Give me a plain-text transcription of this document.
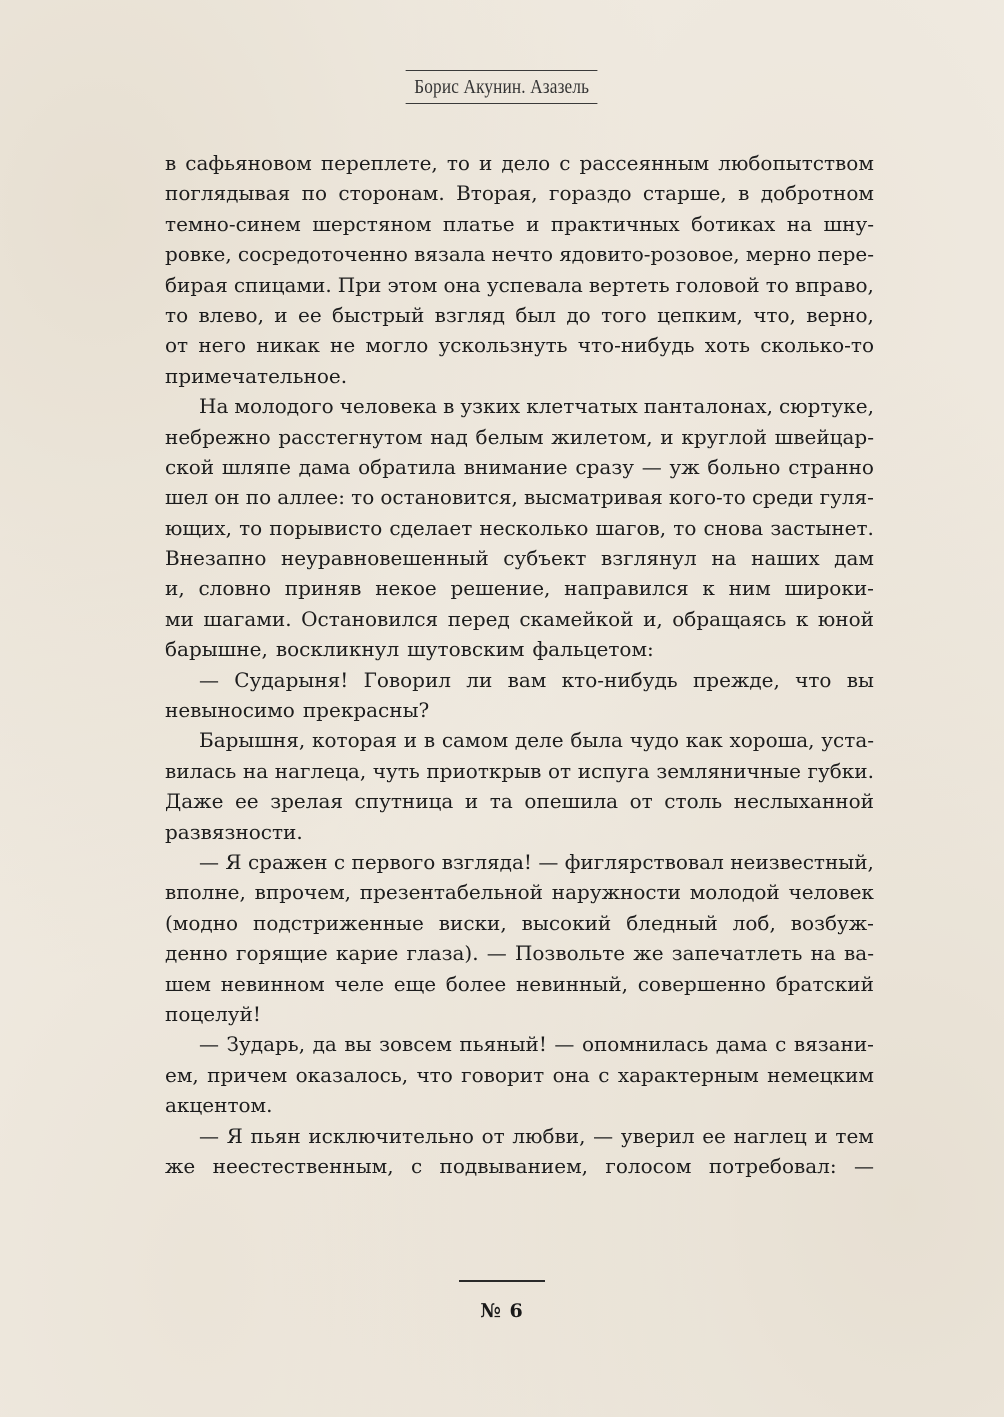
Борис Акунин. Азазель
в сафьяновом переплете, то и дело с рассеянным любопытством
поглядывая по сторонам. Вторая, гораздо старше, в добротном
темно-синем шерстяном платье и практичных ботиках на шну-
ровке, сосредоточенно вязала нечто ядовито-розовое, мерно пере-
бирая спицами. При этом она успевала вертеть головой то вправо,
то влево, и ее быстрый взгляд был до того цепким, что, верно,
от него никак не могло ускользнуть что-нибудь хоть сколько-то
примечательное.
На молодого человека в узких клетчатых панталонах, сюртуке,
небрежно расстегнутом над белым жилетом, и круглой швейцар-
ской шляпе дама обратила внимание сразу — уж больно странно
шел он по аллее: то остановится, высматривая кого-то среди гуля-
ющих, то порывисто сделает несколько шагов, то снова застынет.
Внезапно неуравновешенный субъект взглянул на наших дам
и, словно приняв некое решение, направился к ним широки-
ми шагами. Остановился перед скамейкой и, обращаясь к юной
барышне, воскликнул шутовским фальцетом:
— Сударыня! Говорил ли вам кто-нибудь прежде, что вы
невыносимо прекрасны?
Барышня, которая и в самом деле была чудо как хороша, уста-
вилась на наглеца, чуть приоткрыв от испуга земляничные губки.
Даже ее зрелая спутница и та опешила от столь неслыханной
развязности.
— Я сражен с первого взгляда! — фиглярствовал неизвестный,
вполне, впрочем, презентабельной наружности молодой человек
(модно подстриженные виски, высокий бледный лоб, возбуж-
денно горящие карие глаза). — Позвольте же запечатлеть на ва-
шем невинном челе еще более невинный, совершенно братский
поцелуй!
— Зударь, да вы зовсем пьяный! — опомнилась дама с вязани-
ем, причем оказалось, что говорит она с характерным немецким
акцентом.
— Я пьян исключительно от любви, — уверил ее наглец и тем
же неестественным, с подвыванием, голосом потребовал: —
№ 6
